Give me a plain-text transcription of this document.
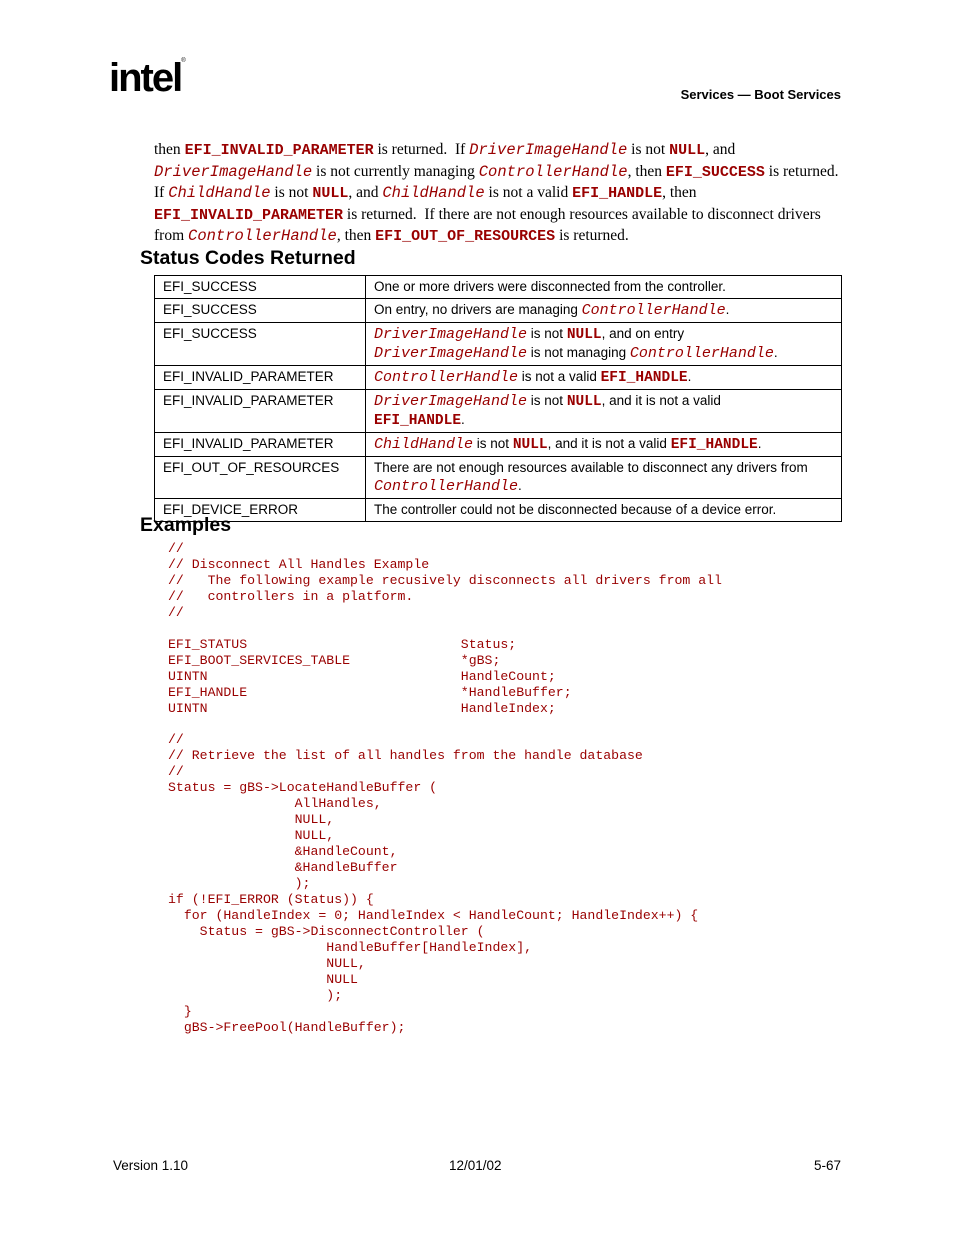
intel®
Services — Boot Services
then EFI_INVALID_PARAMETER is returned.  If DriverImageHandle is not NULL, and DriverImageHandle is not currently managing ControllerHandle, then EFI_SUCCESS is returned.  If ChildHandle is not NULL, and ChildHandle is not a valid EFI_HANDLE, then EFI_INVALID_PARAMETER is returned.  If there are not enough resources available to disconnect drivers from ControllerHandle, then EFI_OUT_OF_RESOURCES is returned.
Status Codes Returned
EFI_SUCCESS	One or more drivers were disconnected from the controller.
EFI_SUCCESS	On entry, no drivers are managing ControllerHandle.
EFI_SUCCESS	DriverImageHandle is not NULL, and on entry
DriverImageHandle is not managing ControllerHandle.
EFI_INVALID_PARAMETER	ControllerHandle is not a valid EFI_HANDLE.
EFI_INVALID_PARAMETER	DriverImageHandle is not NULL, and it is not a valid
EFI_HANDLE.
EFI_INVALID_PARAMETER	ChildHandle is not NULL, and it is not a valid EFI_HANDLE.
EFI_OUT_OF_RESOURCES	There are not enough resources available to disconnect any drivers from
ControllerHandle.
EFI_DEVICE_ERROR	The controller could not be disconnected because of a device error.
Examples
//
// Disconnect All Handles Example
//   The following example recusively disconnects all drivers from all
//   controllers in a platform.
//

EFI_STATUS                           Status;
EFI_BOOT_SERVICES_TABLE              *gBS;
UINTN                                HandleCount;
EFI_HANDLE                           *HandleBuffer;
UINTN                                HandleIndex;

//
// Retrieve the list of all handles from the handle database
//
Status = gBS->LocateHandleBuffer (
AllHandles,
NULL,
NULL,
&HandleCount,
&HandleBuffer
);
if (!EFI_ERROR (Status)) {
for (HandleIndex = 0; HandleIndex < HandleCount; HandleIndex++) {
Status = gBS->DisconnectController (
HandleBuffer[HandleIndex],
NULL,
NULL
);
}
gBS->FreePool(HandleBuffer);
Version 1.10	12/01/02	5-67
